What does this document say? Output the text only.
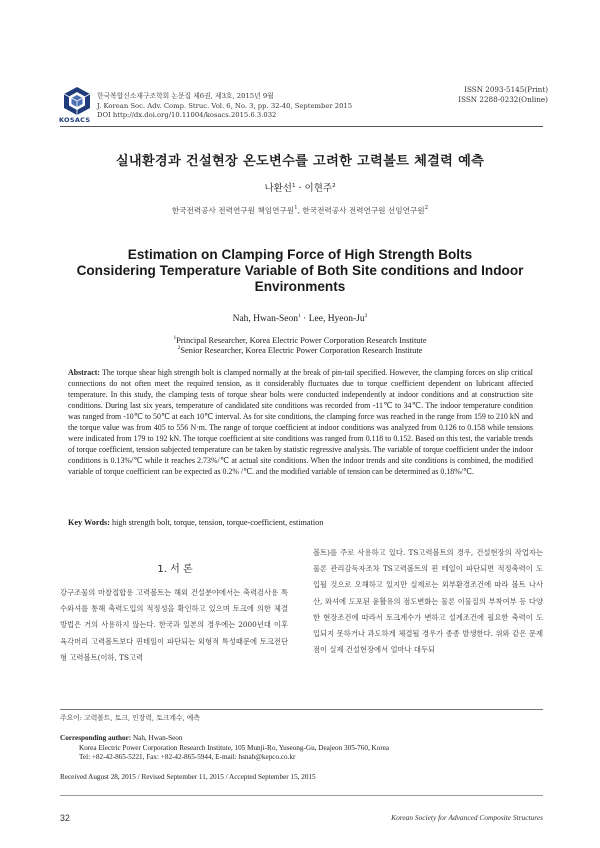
KOSACS
한국복합신소재구조학회 논문집 제6권, 제3호, 2015년 9월
J. Korean Soc. Adv. Comp. Struc. Vol. 6, No. 3, pp. 32-40, September 2015
DOI http://dx.doi.org/10.11004/kosacs.2015.6.3.032
ISSN 2093-5145(Print)
ISSN 2288-0232(Online)
실내환경과 건설현장 온도변수를 고려한 고력볼트 체결력 예측
나환선$^1$ · 이현주$^2$
한국전력공사 전력연구원 책임연구원$^1$, 한국전력공사 전력연구원 선임연구원$^2$
Estimation on Clamping Force of High Strength Bolts
Considering Temperature Variable of Both Site conditions and Indoor
Environments
Nah, Hwan-Seon$^1$ · Lee, Hyeon-Ju$^2$
$^1$Principal Researcher, Korea Electric Power Corporation Research Institute
$^2$Senior Researcher, Korea Electric Power Corporation Research Institute
Abstract: The torque shear high strength bolt is clamped normally at the break of pin-tail specified. However, the clamping forces on slip critical connections do not often meet the required tension, as it considerably fluctuates due to torque coefficient dependent on lubricant affected temperature. In this study, the clamping tests of torque shear bolts were conducted independently at indoor conditions and at construction site conditions. During last six years, temperature of candidated site conditions was recorded from -11℃ to 34℃. The indoor temperature condition was ranged from -10℃ to 50℃ at each 10℃ interval. As for site conditions, the clamping force was reached in the range from 159 to 210 kN and the torque value was from 405 to 556 N·m. The range of torque coefficient at indoor conditions was analyzed from 0.126 to 0.158 while tensions were indicated from 179 to 192 kN. The torque coefficient at site conditions was ranged from 0.118 to 0.152. Based on this test, the variable trends of torque coefficient, tension subjected temperature can be taken by statistic regressive analysis. The variable of torque coefficient under the indoor conditions is 0.13%/℃ while it reaches 2.73%/℃ at actual site conditions. When the indoor trends and site conditions is combined, the modified variable of torque coefficient can be expected as 0.2% /℃. and the modified variable of tension can be determined as 0.18%/℃.
Key Words: high strength bolt, torque, tension, torque-coefficient, estimation
1. 서 론
강구조물의 마찰접합용 고력볼트는 해외 건설분야에서는 축력검사용 특수와셔를 통해 축력도입의 적정성을 확인하고 있으며 토크에 의한 체결방법은 거의 사용하지 않는다. 한국과 일본의 경우에는 2000년대 이후 육각머리 고력볼트보다 핀테일이 파단되는 외형적 특성때문에 토크전단형 고력볼트(이하, TS고력
볼트)를 주로 사용하고 있다. TS고력볼트의 경우, 건설현장의 작업자는 물론 관리감독자조차 TS고력볼트의 핀 테일이 파단되면 적정축력이 도입될 것으로 오해하고 있지만 실제로는 외부환경조건에 따라 볼트 나사산, 와셔에 도포된 윤활유의 점도변화는 물론 이물질의 부착여부 등 다양한 현장조건에 따라서 토크계수가 변하고 설계조건에 필요한 축력이 도입되지 못하거나 과도하게 체결될 경우가 종종 발생한다. 위와 같은 문제점이 실제 건설현장에서 얼마나 대두되
주요어: 고력볼트, 토크, 인장력, 토크계수, 예측
Corresponding author: Nah, Hwan-Seon
Korea Electric Power Corporation Research Institute, 105 Munji-Ro, Yuseong-Gu, Deajeon 305-760, Korea
Tel: +82-42-865-5221, Fax: +82-42-865-5944, E-mail: hsnah@kepco.co.kr
Received August 28, 2015 / Revised September 11, 2015 / Accepted September 15, 2015
32	Korean Society for Advanced Composite Structures
